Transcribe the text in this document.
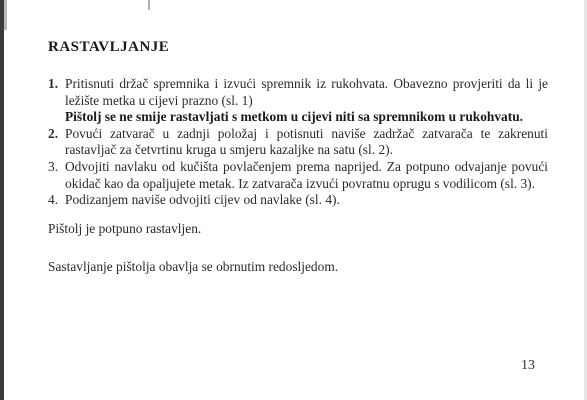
RASTAVLJANJE
1. Pritisnuti držač spremnika i izvući spremnik iz rukohvata. Obavezno provjeriti da li je ležište metka u cijevi prazno (sl. 1)
Pištolj se ne smije rastavljati s metkom u cijevi niti sa spremnikom u rukohvatu.
2. Povući zatvarač u zadnji položaj i potisnuti naviše zadržač zatvarača te zakrenuti rastavljač za četvrtinu kruga u smjeru kazaljke na satu (sl. 2).
3. Odvojiti navlaku od kučišta povlačenjem prema naprijed. Za potpuno odvajanje povući okidač kao da opaljujete metak. Iz zatvarača izvući povratnu oprugu s vodilicom (sl. 3).
4. Podizanjem naviše odvojiti cijev od navlake (sl. 4).

Pištolj je potpuno rastavljen.

Sastavljanje pištolja obavlja se obrnutim redosljedom.

13
